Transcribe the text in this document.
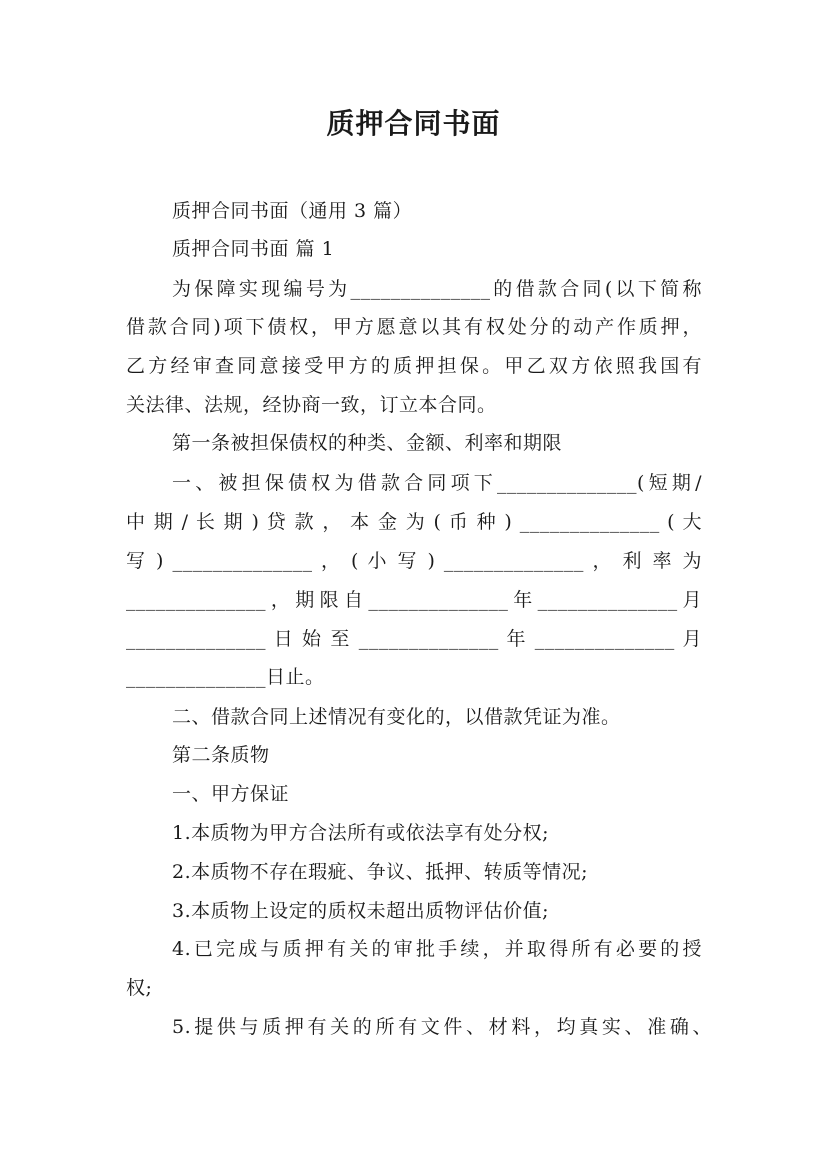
质押合同书面
质押合同书面（通用 3 篇）
质押合同书面 篇 1
为保障实现编号为______________的借款合同(以下简称
借款合同)项下债权，甲方愿意以其有权处分的动产作质押，
乙方经审查同意接受甲方的质押担保。甲乙双方依照我国有
关法律、法规，经协商一致，订立本合同。
第一条被担保债权的种类、金额、利率和期限
一、被担保债权为借款合同项下______________(短期/
中 期 / 长 期 ) 贷 款 ， 本 金 为 ( 币 种 ) ______________ ( 大
写 ) ______________ ， ( 小 写 ) ______________ ， 利 率 为
______________，期限自______________年______________月
______________ 日 始 至 ______________ 年 ______________ 月
______________日止。
二、借款合同上述情况有变化的，以借款凭证为准。
第二条质物
一、甲方保证
1.本质物为甲方合法所有或依法享有处分权;
2.本质物不存在瑕疵、争议、抵押、转质等情况;
3.本质物上设定的质权未超出质物评估价值;
4.已完成与质押有关的审批手续，并取得所有必要的授
权;
5.提供与质押有关的所有文件、材料，均真实、准确、
